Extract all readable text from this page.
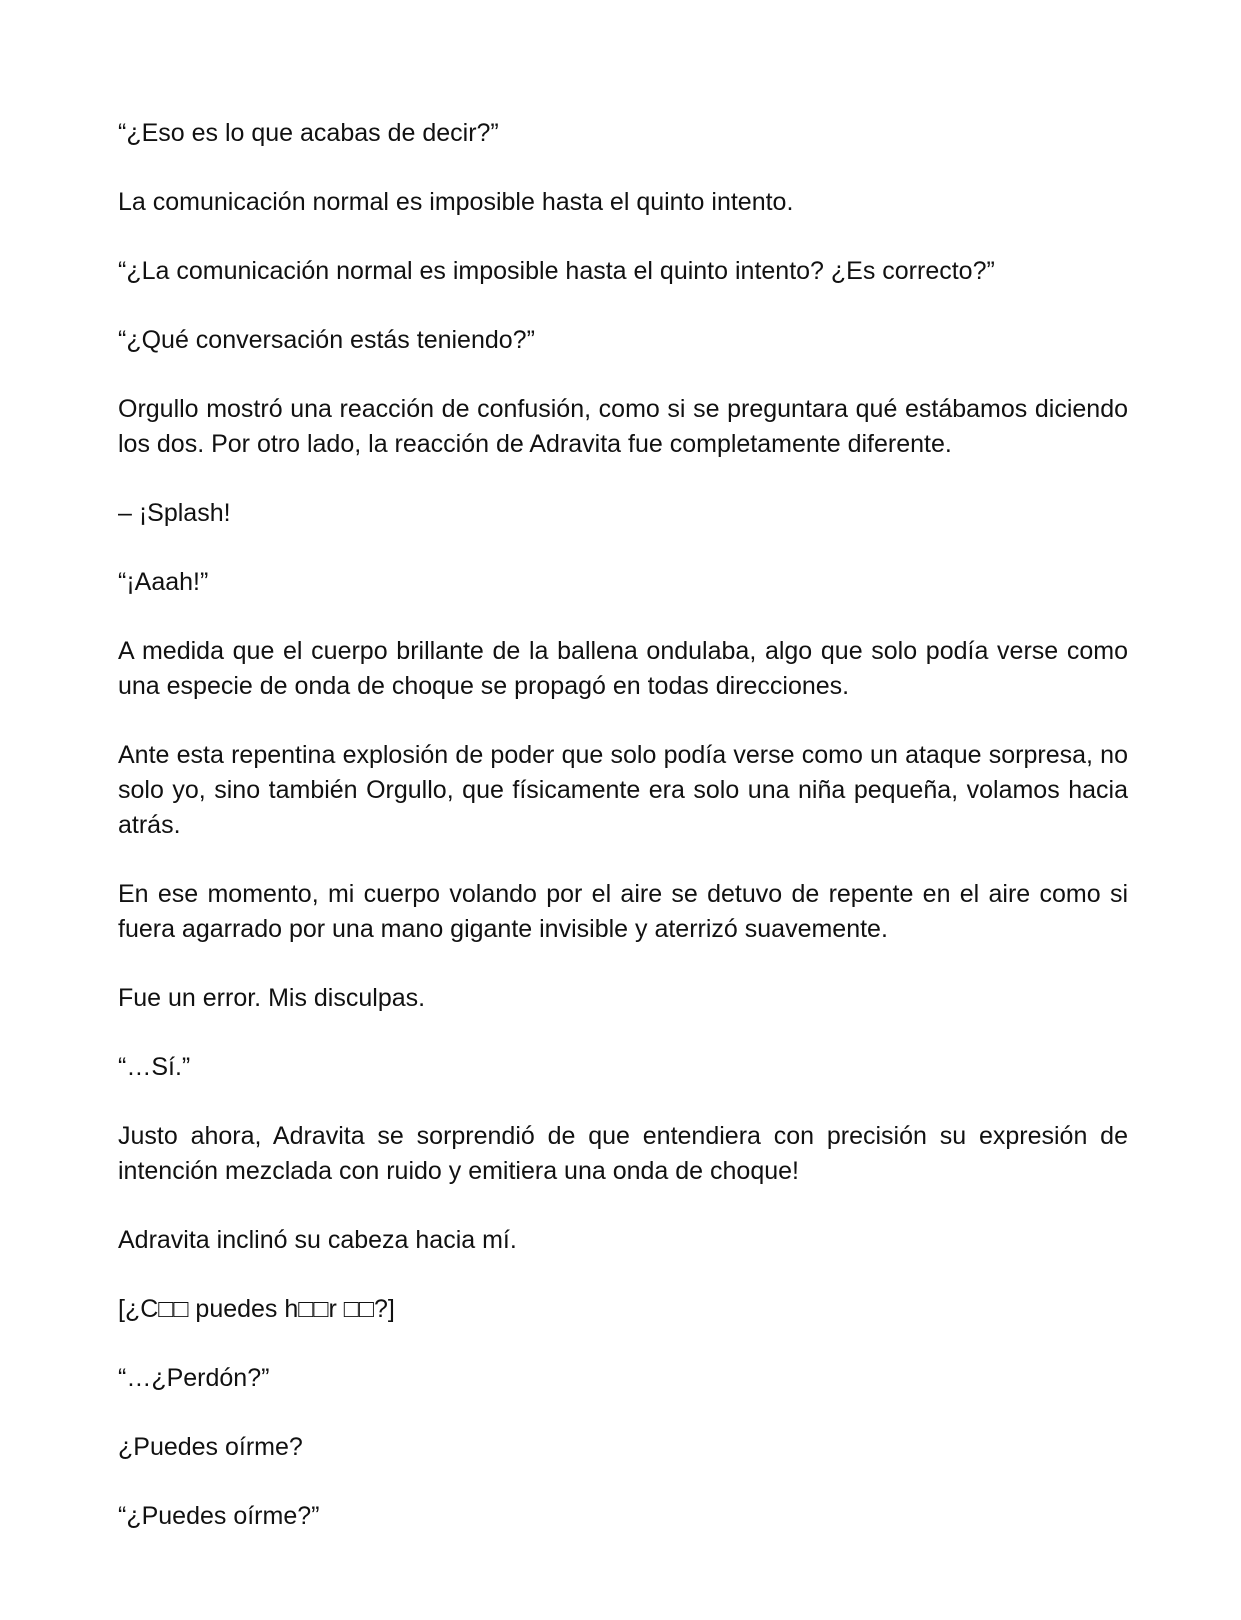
“¿Eso es lo que acabas de decir?”

La comunicación normal es imposible hasta el quinto intento.

“¿La comunicación normal es imposible hasta el quinto intento? ¿Es correcto?”

“¿Qué conversación estás teniendo?”

Orgullo mostró una reacción de confusión, como si se preguntara qué estábamos diciendo los dos. Por otro lado, la reacción de Adravita fue completamente diferente.

– ¡Splash!

“¡Aaah!”

A medida que el cuerpo brillante de la ballena ondulaba, algo que solo podía verse como una especie de onda de choque se propagó en todas direcciones.

Ante esta repentina explosión de poder que solo podía verse como un ataque sorpresa, no solo yo, sino también Orgullo, que físicamente era solo una niña pequeña, volamos hacia atrás.

En ese momento, mi cuerpo volando por el aire se detuvo de repente en el aire como si fuera agarrado por una mano gigante invisible y aterrizó suavemente.

Fue un error. Mis disculpas.

“…Sí.”

Justo ahora, Adravita se sorprendió de que entendiera con precisión su expresión de intención mezclada con ruido y emitiera una onda de choque!

Adravita inclinó su cabeza hacia mí.

[¿C□□ puedes h□□r □□?]

“…¿Perdón?”

¿Puedes oírme?

“¿Puedes oírme?”
